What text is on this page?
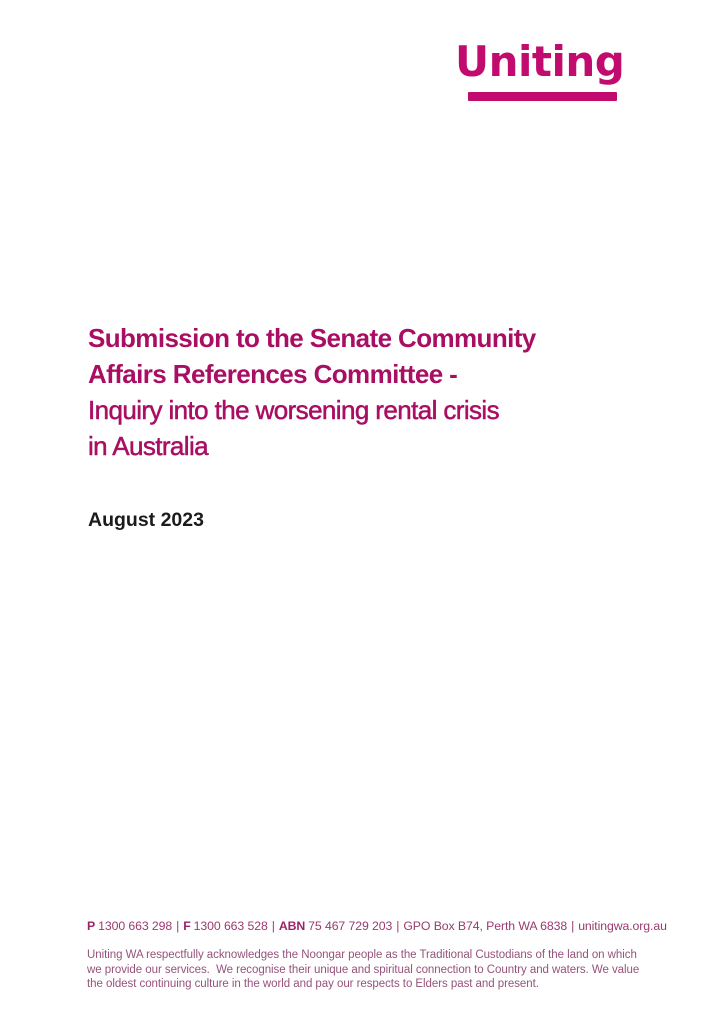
Uniting
Submission to the Senate Community
Affairs References Committee -
Inquiry into the worsening rental crisis
in Australia
August 2023
P 1300 663 298 | F 1300 663 528 | ABN 75 467 729 203 | GPO Box B74, Perth WA 6838 | unitingwa.org.au
Uniting WA respectfully acknowledges the Noongar people as the Traditional Custodians of the land on which
we provide our services.  We recognise their unique and spiritual connection to Country and waters. We value
the oldest continuing culture in the world and pay our respects to Elders past and present.
